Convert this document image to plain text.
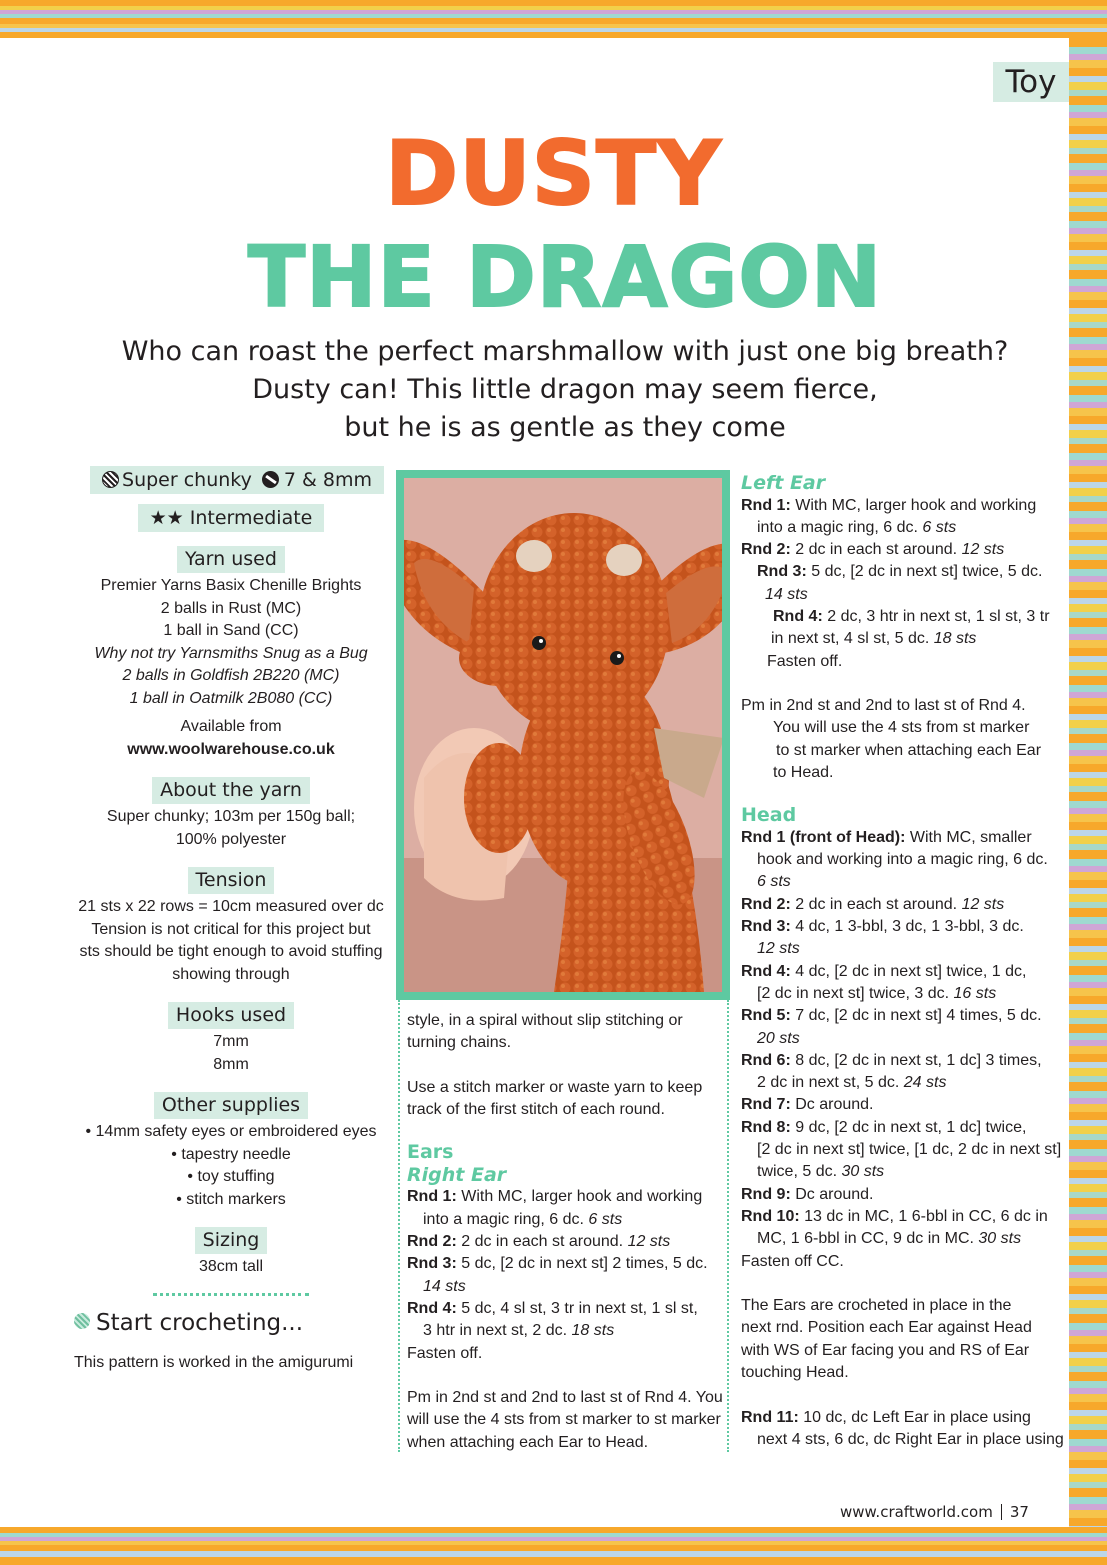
Toy
DUSTY
THE DRAGON
Who can roast the perfect marshmallow with just one big breath?
Dusty can! This little dragon may seem fierce,
but he is as gentle as they come
Super chunky 7 & 8mm
★★ Intermediate
Yarn used
Premier Yarns Basix Chenille Brights
2 balls in Rust (MC)
1 ball in Sand (CC)
Why not try Yarnsmiths Snug as a Bug
2 balls in Goldfish 2B220 (MC)
1 ball in Oatmilk 2B080 (CC)
Available from
www.woolwarehouse.co.uk
About the yarn
Super chunky; 103m per 150g ball;
100% polyester
Tension
21 sts x 22 rows = 10cm measured over dc
Tension is not critical for this project but
sts should be tight enough to avoid stuffing
showing through
Hooks used
7mm
8mm
Other supplies
• 14mm safety eyes or embroidered eyes
• tapestry needle
• toy stuffing
• stitch markers
Sizing
38cm tall
Start crocheting...
This pattern is worked in the amigurumi

style, in a spiral without slip stitching or

turning chains.

Use a stitch marker or waste yarn to keep

track of the first stitch of each round.

Ears
Right Ear

Rnd 1: With MC, larger hook and working

into a magic ring, 6 dc. 6 sts

Rnd 2: 2 dc in each st around. 12 sts

Rnd 3: 5 dc, [2 dc in next st] 2 times, 5 dc.

14 sts

Rnd 4: 5 dc, 4 sl st, 3 tr in next st, 1 sl st,

3 htr in next st, 2 dc. 18 sts

Fasten off.

Pm in 2nd st and 2nd to last st of Rnd 4. You

will use the 4 sts from st marker to st marker

when attaching each Ear to Head.

Left Ear

Rnd 1: With MC, larger hook and working

into a magic ring, 6 dc. 6 sts

Rnd 2: 2 dc in each st around. 12 sts

Rnd 3: 5 dc, [2 dc in next st] twice, 5 dc.

14 sts

Rnd 4: 2 dc, 3 htr in next st, 1 sl st, 3 tr

in next st, 4 sl st, 5 dc. 18 sts

Fasten off.

Pm in 2nd st and 2nd to last st of Rnd 4.

You will use the 4 sts from st marker

to st marker when attaching each Ear

to Head.

Head

Rnd 1 (front of Head): With MC, smaller

hook and working into a magic ring, 6 dc.

6 sts

Rnd 2: 2 dc in each st around. 12 sts

Rnd 3: 4 dc, 1 3-bbl, 3 dc, 1 3-bbl, 3 dc.

12 sts

Rnd 4: 4 dc, [2 dc in next st] twice, 1 dc,

[2 dc in next st] twice, 3 dc. 16 sts

Rnd 5: 7 dc, [2 dc in next st] 4 times, 5 dc.

20 sts

Rnd 6: 8 dc, [2 dc in next st, 1 dc] 3 times,

2 dc in next st, 5 dc. 24 sts

Rnd 7: Dc around.

Rnd 8: 9 dc, [2 dc in next st, 1 dc] twice,

[2 dc in next st] twice, [1 dc, 2 dc in next st]

twice, 5 dc. 30 sts

Rnd 9: Dc around.

Rnd 10: 13 dc in MC, 1 6-bbl in CC, 6 dc in

MC, 1 6-bbl in CC, 9 dc in MC. 30 sts

Fasten off CC.

The Ears are crocheted in place in the

next rnd. Position each Ear against Head

with WS of Ear facing you and RS of Ear

touching Head.

Rnd 11: 10 dc, dc Left Ear in place using

next 4 sts, 6 dc, dc Right Ear in place using

www.craftworld.com 37
